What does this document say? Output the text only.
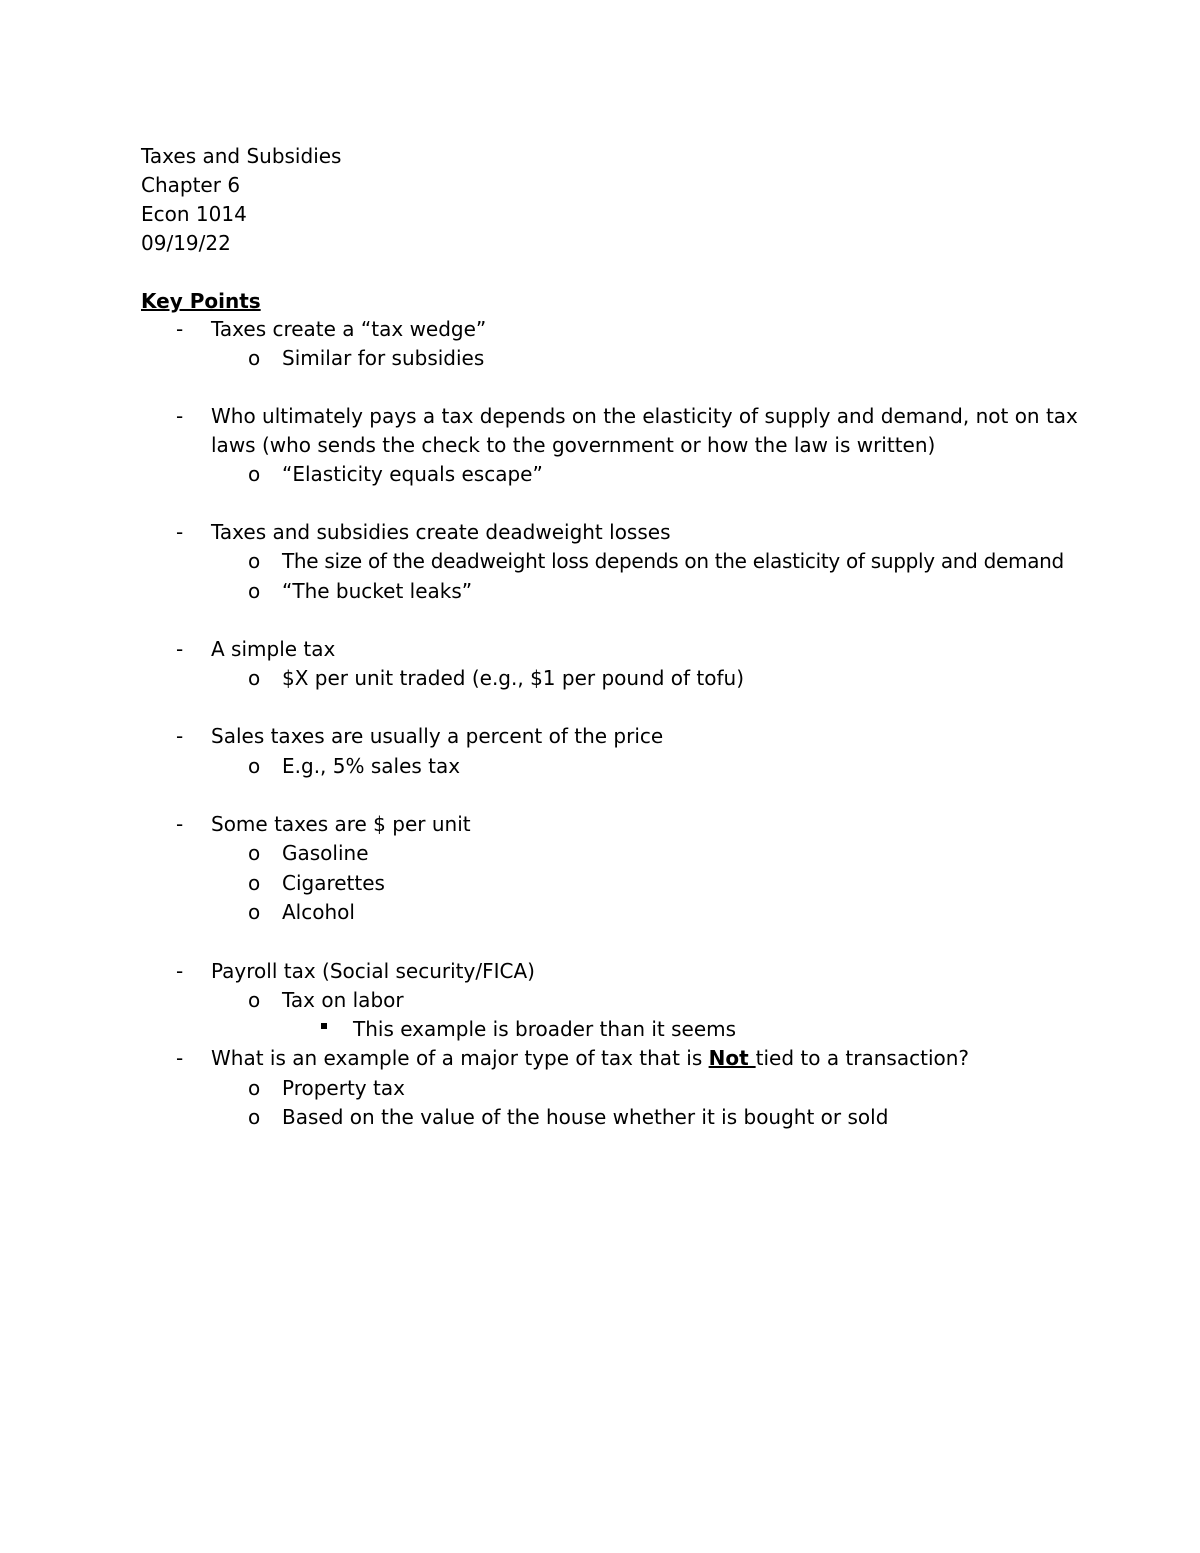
Taxes and Subsidies
Chapter 6
Econ 1014
09/19/22
Key Points
- Taxes create a “tax wedge”
o Similar for subsidies
- Who ultimately pays a tax depends on the elasticity of supply and demand, not on tax
laws (who sends the check to the government or how the law is written)
o “Elasticity equals escape”
- Taxes and subsidies create deadweight losses
o The size of the deadweight loss depends on the elasticity of supply and demand
o “The bucket leaks”
- A simple tax
o $X per unit traded (e.g., $1 per pound of tofu)
- Sales taxes are usually a percent of the price
o E.g., 5% sales tax
- Some taxes are $ per unit
o Gasoline
o Cigarettes
o Alcohol
- Payroll tax (Social security/FICA)
o Tax on labor
This example is broader than it seems
- What is an example of a major type of tax that is Not tied to a transaction?
o Property tax
o Based on the value of the house whether it is bought or sold
